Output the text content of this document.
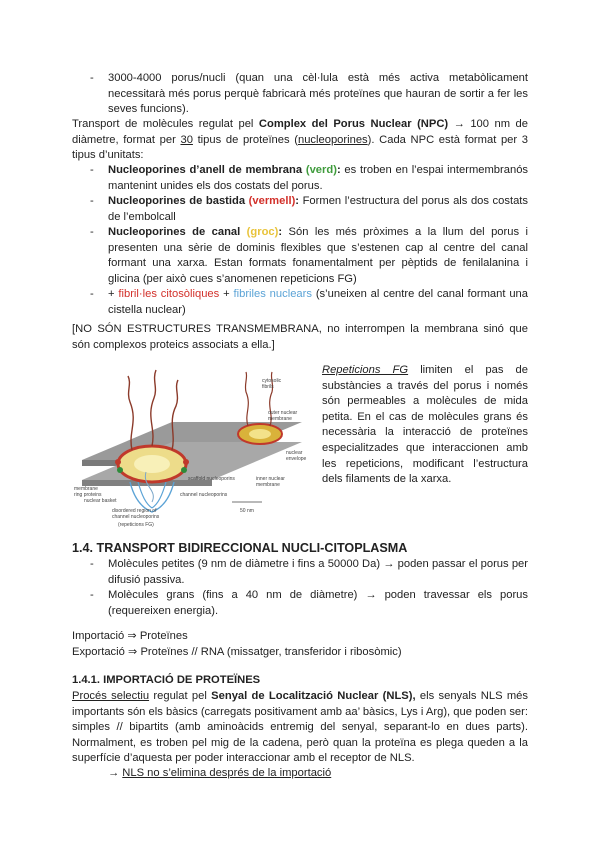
- 3000-4000 porus/nucli (quan una cèl·lula està més activa metabòlicament necessitarà més porus perquè fabricarà més proteïnes que hauran de sortir a fer les seves funcions).
Transport de molècules regulat pel Complex del Porus Nuclear (NPC) → 100 nm de diàmetre, format per 30 tipus de proteïnes (nucleoporines). Cada NPC està format per 3 tipus d’unitats:
- Nucleoporines d’anell de membrana (verd): es troben en l’espai intermembranós mantenint unides els dos costats del porus.
- Nucleoporines de bastida (vermell): Formen l’estructura del porus als dos costats de l’embolcall
- Nucleoporines de canal (groc): Són les més pròximes a la llum del porus i presenten una sèrie de dominis flexibles que s’estenen cap al centre del canal formant una xarxa. Estan formats fonamentalment per pèptids de fenilalanina i glicina (per això cues s’anomenen repeticions FG)
- + fibril·les citosòliques + fibriles nuclears (s’uneixen al centre del canal formant una cistella nuclear)
[NO SÓN ESTRUCTURES TRANSMEMBRANA, no interrompen la membrana sinó que són complexos proteics associats a ella.]
cytosolic
fibrils
outer nuclear
membrane
nuclear
envelope
inner nuclear
membrane
membrane
ring proteins
scaffold nucleoporins
channel nucleoporins
nuclear basket
disordered region of
channel nucleoporins
(repeticions FG)
50 nm
Repeticions FG limiten el pas de substàncies a través del porus i només són permeables a molècules de mida petita. En el cas de molècules grans és necessària la interacció de proteïnes especialitzades que interaccionen amb les repeticions, modificant l’estructura dels filaments de la xarxa.
1.4. TRANSPORT BIDIRECCIONAL NUCLI-CITOPLASMA
- Molècules petites (9 nm de diàmetre i fins a 50000 Da) → poden passar el porus per difusió passiva.
- Molècules grans (fins a 40 nm de diàmetre) → poden travessar els porus (requereixen energia).
Importació ⇒ Proteïnes
Exportació ⇒ Proteïnes // RNA (missatger, transferidor i ribosòmic)
1.4.1. IMPORTACIÓ DE PROTEÏNES
Procés selectiu regulat pel Senyal de Localització Nuclear (NLS), els senyals NLS més importants són els bàsics (carregats positivament amb aa’ bàsics, Lys i Arg), que poden ser: simples // bipartits (amb aminoàcids entremig del senyal, separant-lo en dues parts). Normalment, es troben pel mig de la cadena, però quan la proteïna es plega queden a la superfície d’aquesta per poder interaccionar amb el receptor de NLS.
→ NLS no s’elimina després de la importació
